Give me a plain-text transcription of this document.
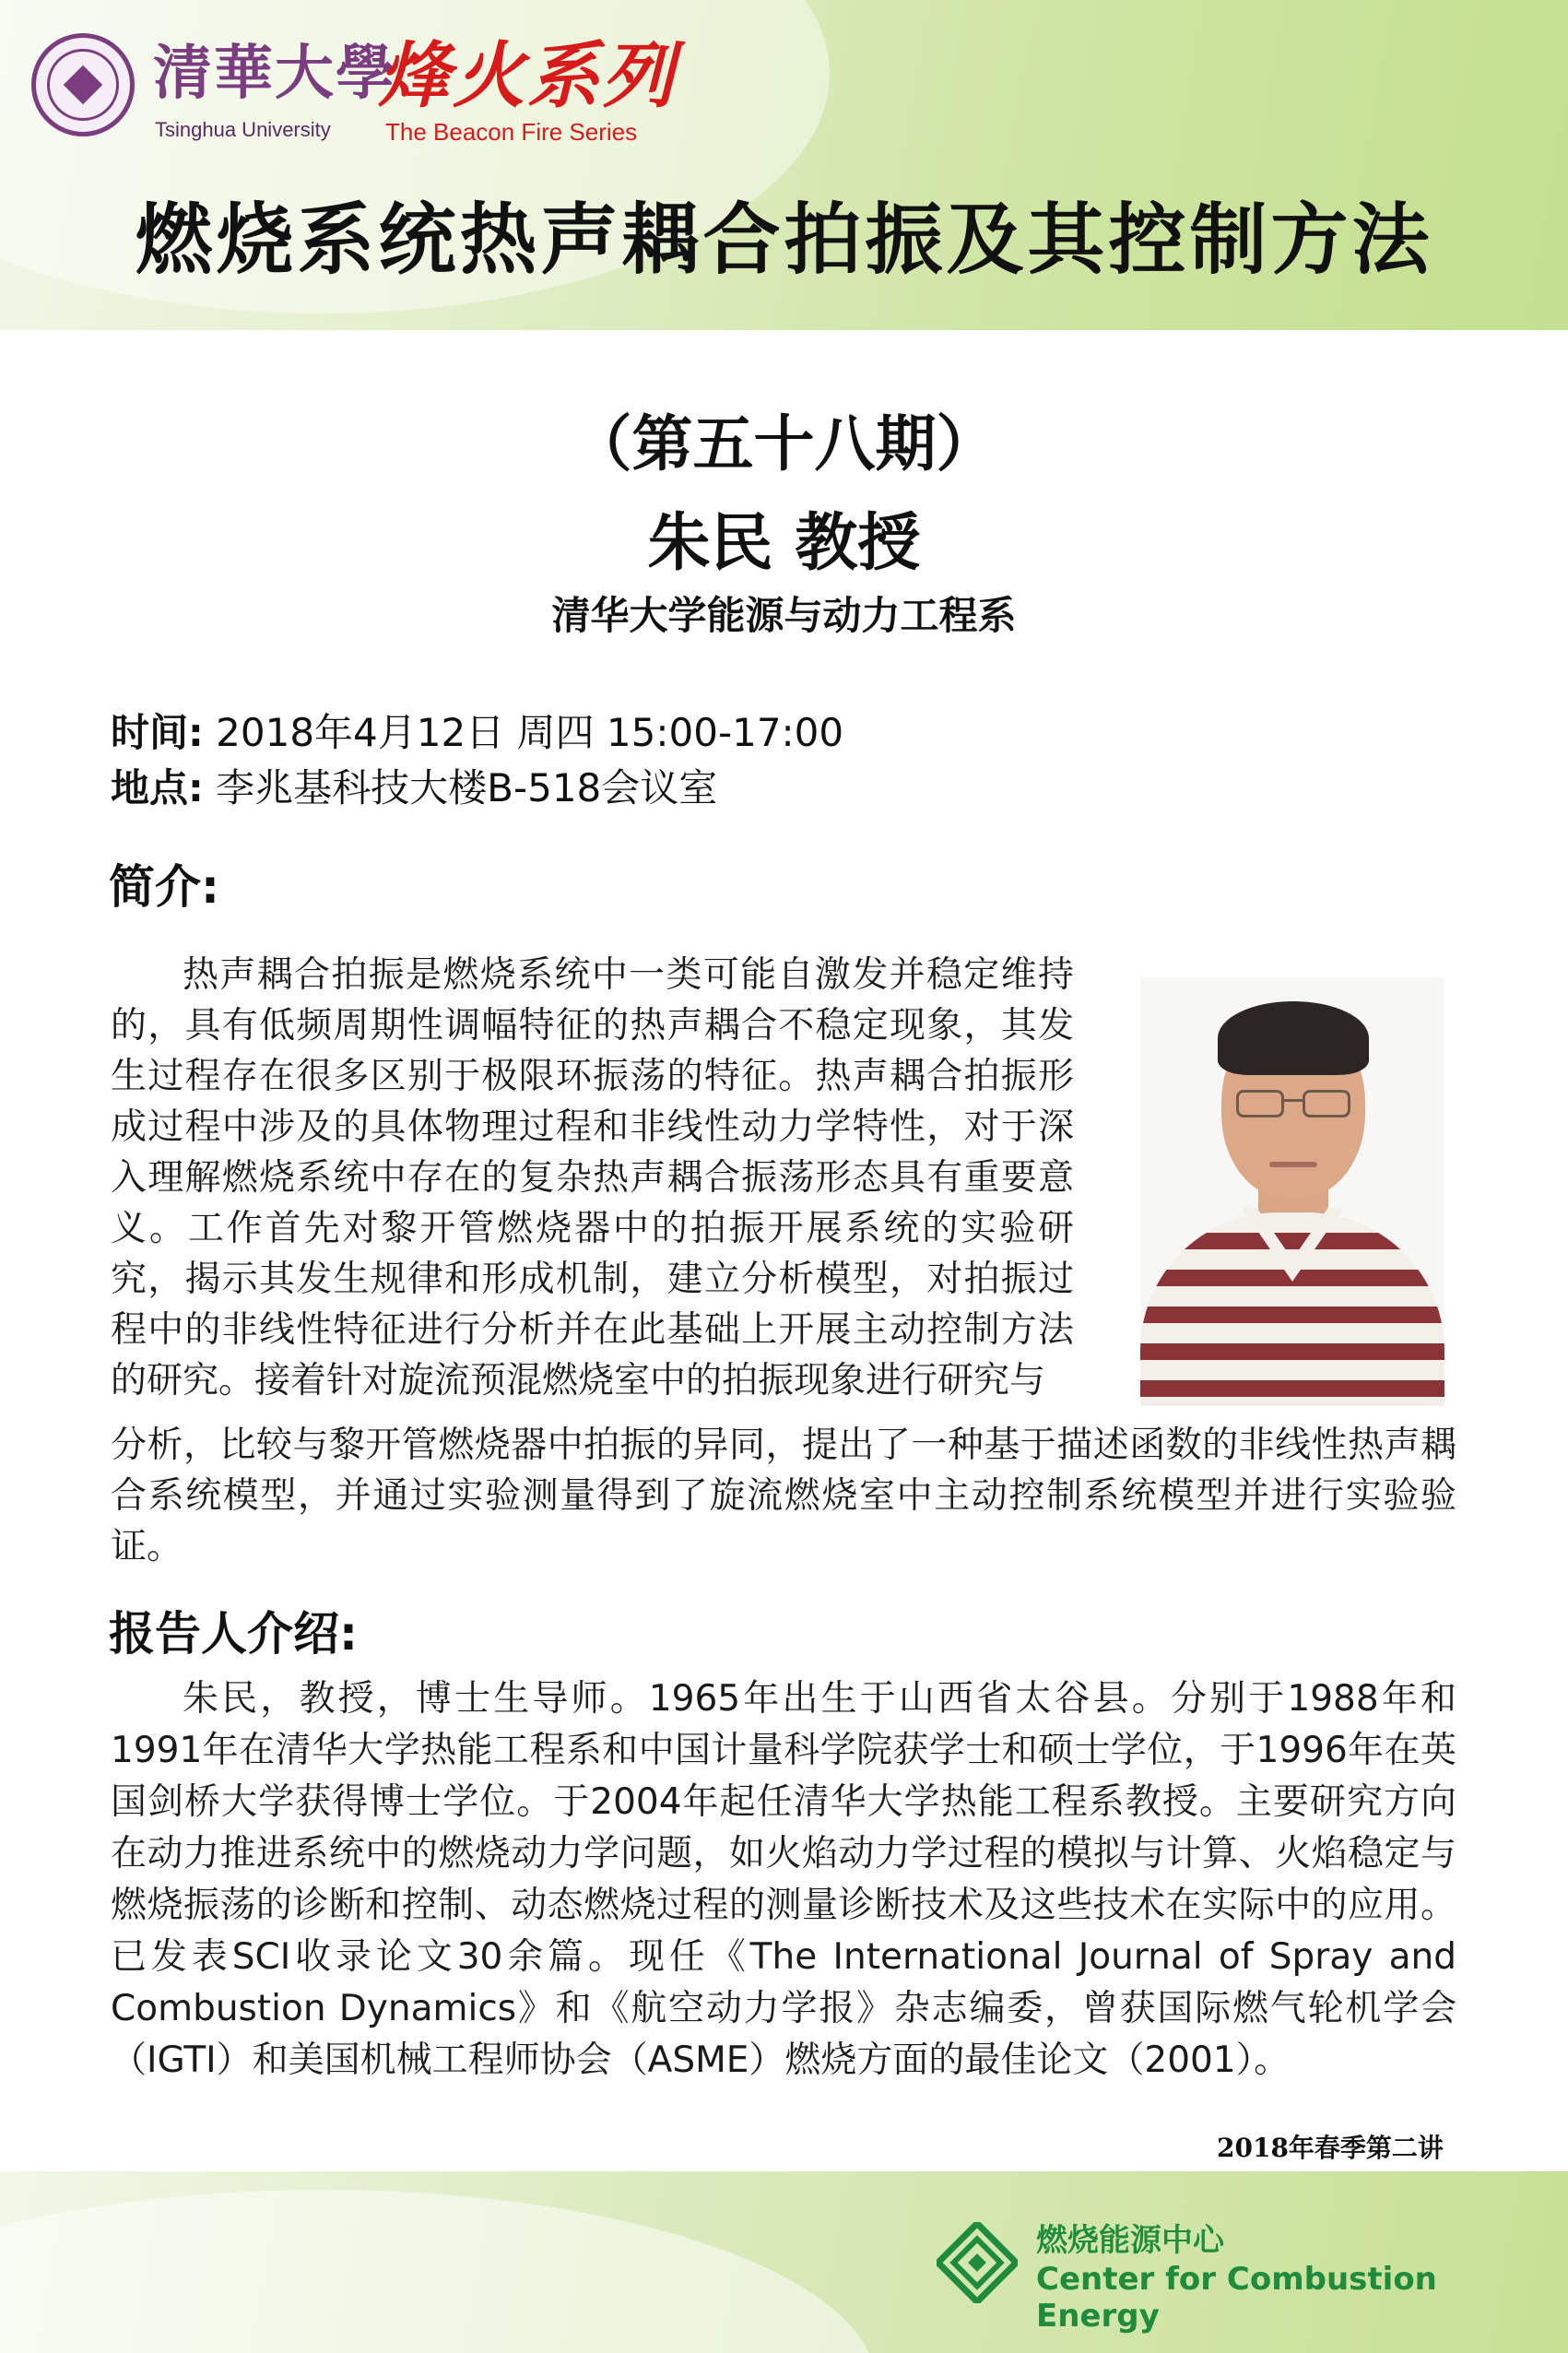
清華大學
Tsinghua University
烽火系列
The Beacon Fire Series
燃烧系统热声耦合拍振及其控制方法
（第五十八期）
朱民 教授
清华大学能源与动力工程系
时间: 2018年4月12日 周四 15:00-17:00
地点: 李兆基科技大楼B-518会议室
简介:

热声耦合拍振是燃烧系统中一类可能自激发并稳定维持的，具有低频周期性调幅特征的热声耦合不稳定现象，其发生过程存在很多区别于极限环振荡的特征。热声耦合拍振形成过程中涉及的具体物理过程和非线性动力学特性，对于深入理解燃烧系统中存在的复杂热声耦合振荡形态具有重要意义。工作首先对黎开管燃烧器中的拍振开展系统的实验研究，揭示其发生规律和形成机制，建立分析模型，对拍振过程中的非线性特征进行分析并在此基础上开展主动控制方法的研究。接着针对旋流预混燃烧室中的拍振现象进行研究与

分析，比较与黎开管燃烧器中拍振的异同，提出了一种基于描述函数的非线性热声耦合系统模型，并通过实验测量得到了旋流燃烧室中主动控制系统模型并进行实验验证。

报告人介绍:

朱民，教授，博士生导师。1965年出生于山西省太谷县。分别于1988年和1991年在清华大学热能工程系和中国计量科学院获学士和硕士学位，于1996年在英国剑桥大学获得博士学位。于2004年起任清华大学热能工程系教授。主要研究方向在动力推进系统中的燃烧动力学问题，如火焰动力学过程的模拟与计算、火焰稳定与燃烧振荡的诊断和控制、动态燃烧过程的测量诊断技术及这些技术在实际中的应用。已发表SCI收录论文30余篇。现任《The International Journal of Spray and Combustion Dynamics》和《航空动力学报》杂志编委，曾获国际燃气轮机学会（IGTI）和美国机械工程师协会（ASME）燃烧方面的最佳论文（2001）。

2018年春季第二讲
燃烧能源中心
Center for Combustion Energy
